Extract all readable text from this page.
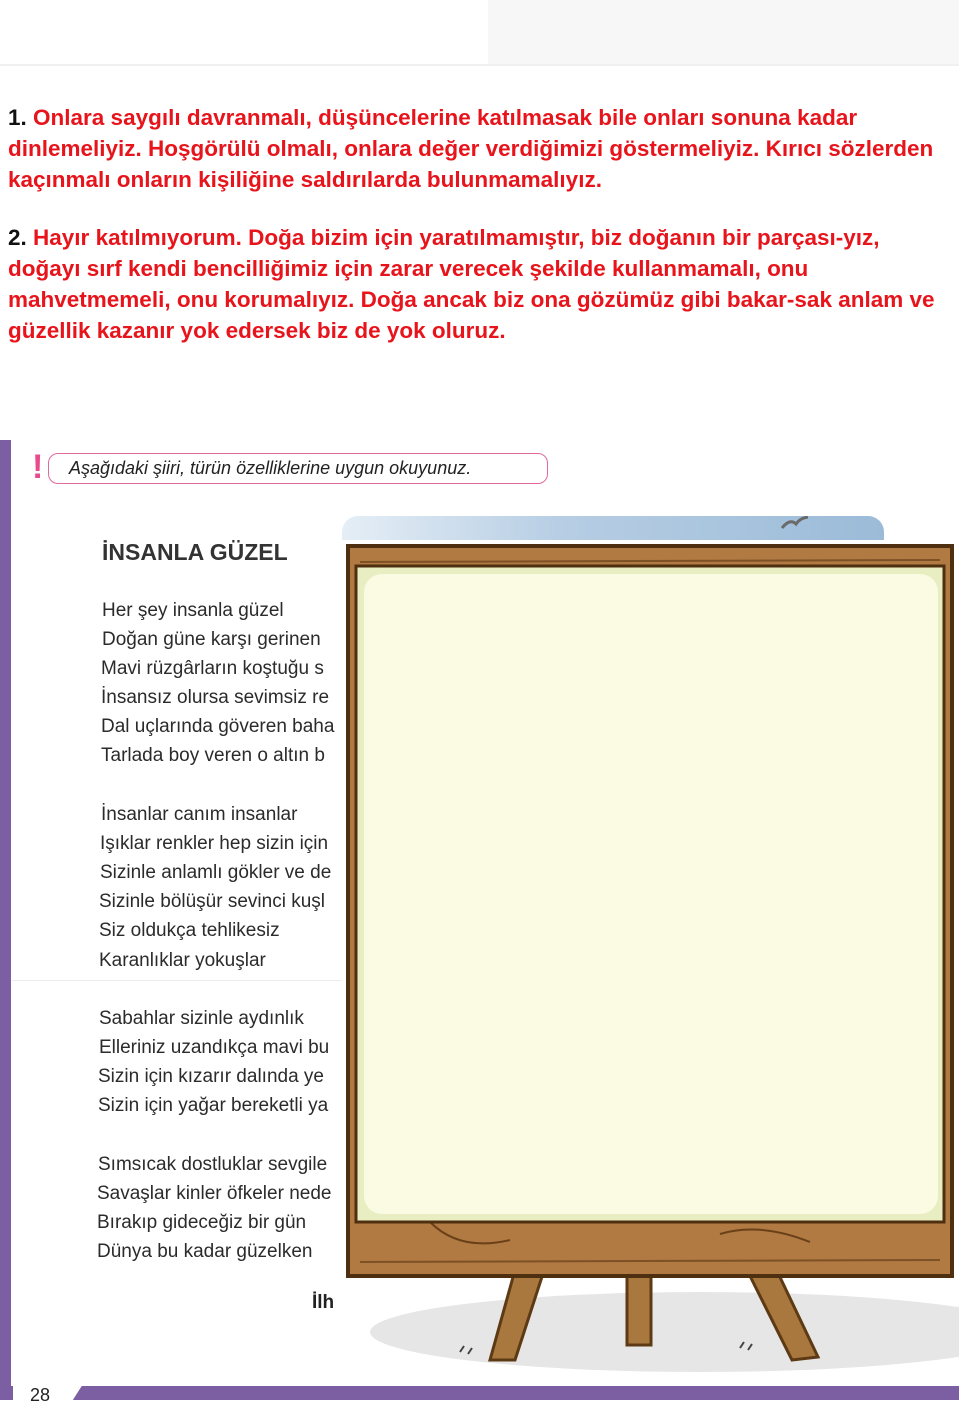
1. Onlara saygılı davranmalı, düşüncelerine katılmasak bile onları sonuna kadar dinlemeliyiz. Hoşgörülü olmalı, onlara değer verdiğimizi göstermeliyiz. Kırıcı sözlerden kaçınmalı onların kişiliğine saldırılarda bulunmamalıyız.

2. Hayır katılmıyorum. Doğa bizim için yaratılmamıştır, biz doğanın bir parçası-yız, doğayı sırf kendi bencilliğimiz için zarar verecek şekilde kullanmamalı, onu mahvetmemeli, onu korumalıyız. Doğa ancak biz ona gözümüz gibi bakar-sak anlam ve güzellik kazanır yok edersek biz de yok oluruz.

!	Aşağıdaki şiiri, türün özelliklerine uygun okuyunuz.
İNSANLA GÜZEL
Her şey insanla güzel
Doğan güne karşı gerinen
Mavi rüzgârların koştuğu s
İnsansız olursa sevimsiz re
Dal uçlarında göveren baha
Tarlada boy veren o altın b
İnsanlar canım insanlar
Işıklar renkler hep sizin için
Sizinle anlamlı gökler ve de
Sizinle bölüşür sevinci kuşl
Siz oldukça tehlikesiz
Karanlıklar yokuşlar
Sabahlar sizinle aydınlık
Elleriniz uzandıkça mavi bu
Sizin için kızarır dalında ye
Sizin için yağar bereketli ya
Sımsıcak dostluklar sevgile
Savaşlar kinler öfkeler nede
Bırakıp gideceğiz bir gün
Dünya bu kadar güzelken
İlh
28
